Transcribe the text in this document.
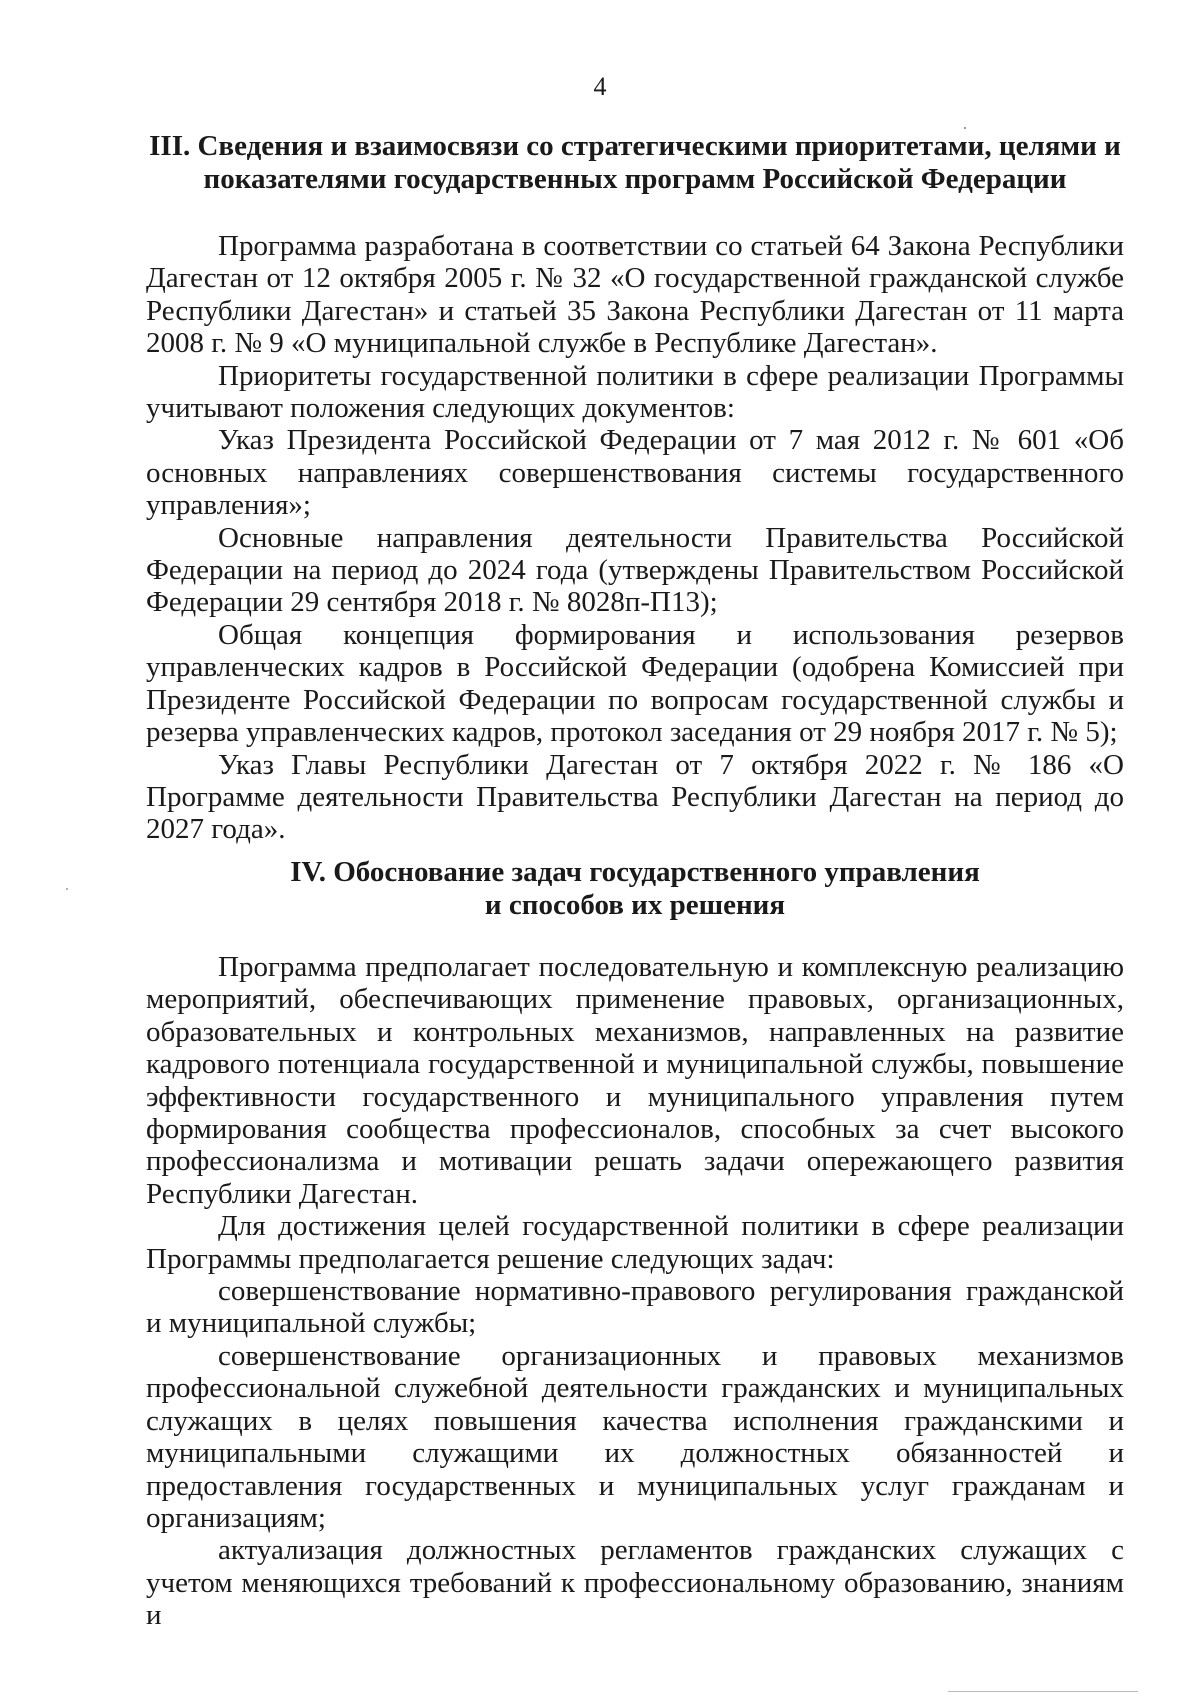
4

III. Сведения и взаимосвязи со стратегическими приоритетами, целями и показателями государственных программ Российской Федерации

Программа разработана в соответствии со статьей 64 Закона Республики Дагестан от 12 октября 2005 г. № 32 «О государственной гражданской службе Республики Дагестан» и статьей 35 Закона Республики Дагестан от 11 марта 2008 г. № 9 «О муниципальной службе в Республике Дагестан».

Приоритеты государственной политики в сфере реализации Программы учитывают положения следующих документов:

Указ Президента Российской Федерации от 7 мая 2012 г. № 601 «Об основных направлениях совершенствования системы государственного управления»;

Основные направления деятельности Правительства Российской Федерации на период до 2024 года (утверждены Правительством Российской Федерации 29 сентября 2018 г. № 8028п-П13);

Общая концепция формирования и использования резервов управленческих кадров в Российской Федерации (одобрена Комиссией при Президенте Российской Федерации по вопросам государственной службы и резерва управленческих кадров, протокол заседания от 29 ноября 2017 г. № 5);

Указ Главы Республики Дагестан от 7 октября 2022 г. № 186 «О Программе деятельности Правительства Республики Дагестан на период до 2027 года».

IV. Обоснование задач государственного управления

и способов их решения

Программа предполагает последовательную и комплексную реализацию мероприятий, обеспечивающих применение правовых, организационных, образовательных и контрольных механизмов, направленных на развитие кадрового потенциала государственной и муниципальной службы, повышение эффективности государственного и муниципального управления путем формирования сообщества профессионалов, способных за счет высокого профессионализма и мотивации решать задачи опережающего развития Республики Дагестан.

Для достижения целей государственной политики в сфере реализации Программы предполагается решение следующих задач:

совершенствование нормативно-правового регулирования гражданской и муниципальной службы;

совершенствование организационных и правовых механизмов профессиональной служебной деятельности гражданских и муниципальных служащих в целях повышения качества исполнения гражданскими и муниципальными служащими их должностных обязанностей и предоставления государственных и муниципальных услуг гражданам и организациям;

актуализация должностных регламентов гражданских служащих с учетом меняющихся требований к профессиональному образованию, знаниям и
